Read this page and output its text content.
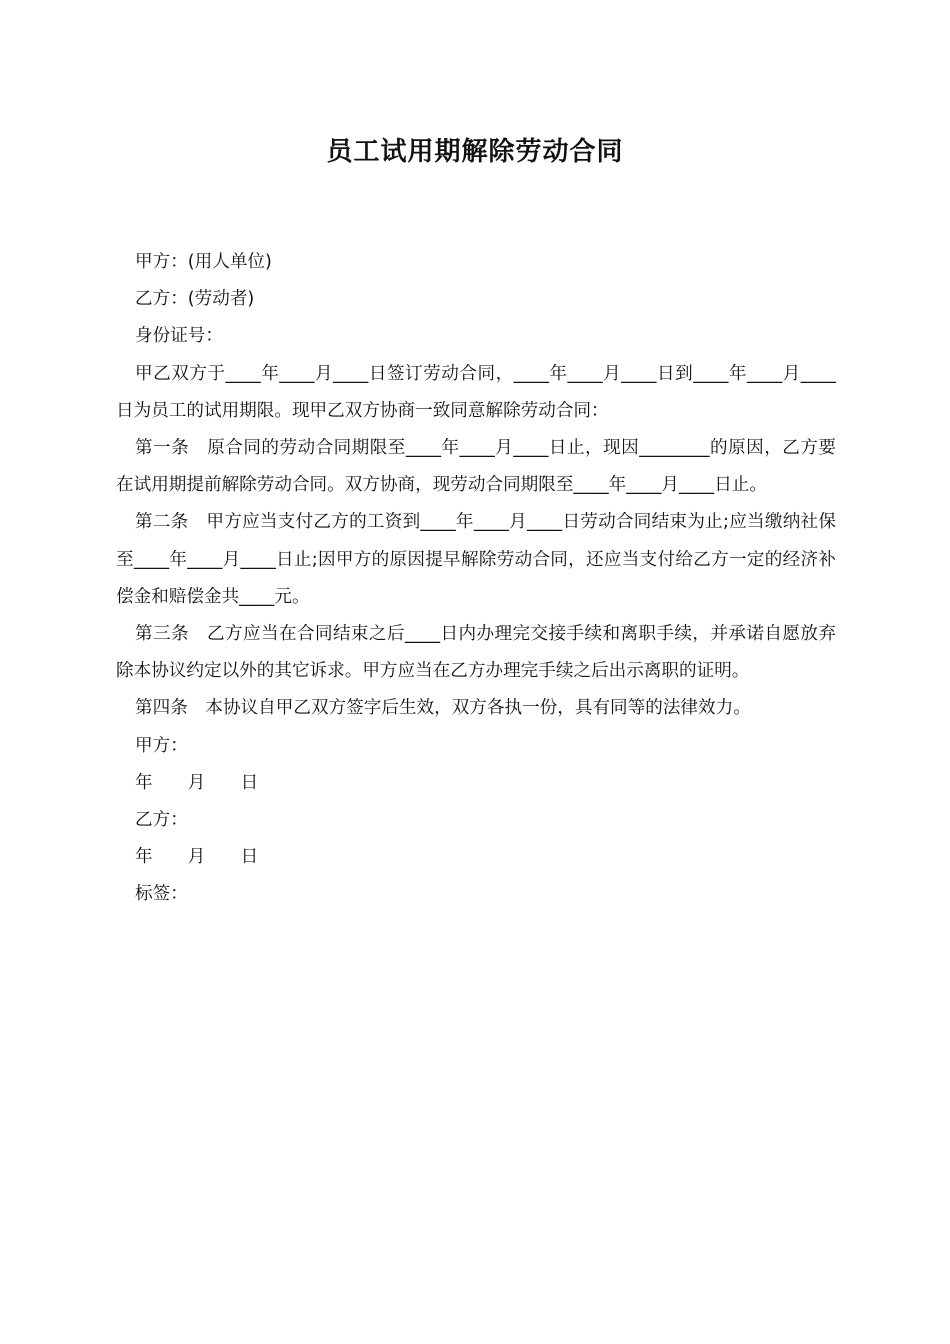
员工试用期解除劳动合同

甲方：(用人单位)

乙方：(劳动者)

身份证号：

甲乙双方于____年____月____日签订劳动合同，____年____月____日到____年____月____日为员工的试用期限。现甲乙双方协商一致同意解除劳动合同：

第一条　原合同的劳动合同期限至____年____月____日止，现因________的原因，乙方要在试用期提前解除劳动合同。双方协商，现劳动合同期限至____年____月____日止。

第二条　甲方应当支付乙方的工资到____年____月____日劳动合同结束为止;应当缴纳社保至____年____月____日止;因甲方的原因提早解除劳动合同，还应当支付给乙方一定的经济补偿金和赔偿金共____元。

第三条　乙方应当在合同结束之后____日内办理完交接手续和离职手续，并承诺自愿放弃除本协议约定以外的其它诉求。甲方应当在乙方办理完手续之后出示离职的证明。

第四条　本协议自甲乙双方签字后生效，双方各执一份，具有同等的法律效力。

甲方：

年　　月　　日

乙方：

年　　月　　日

标签：
